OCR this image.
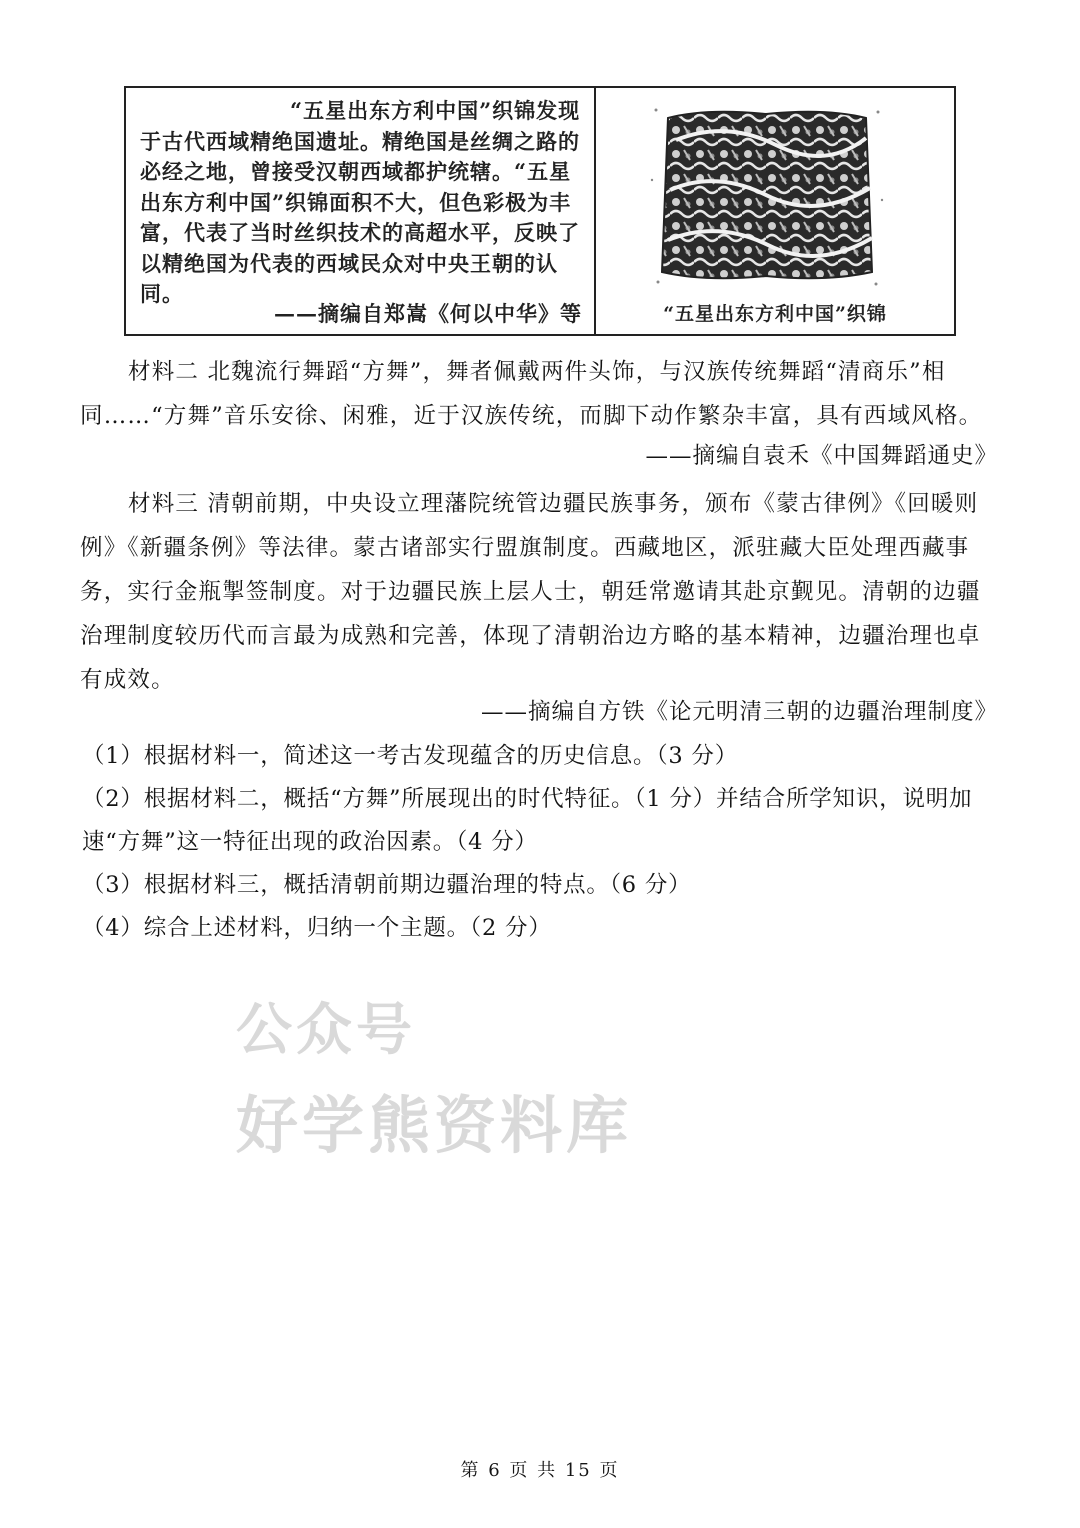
“五星出东方利中国”织锦发现于古代西域精绝国遗址。精绝国是丝绸之路的必经之地，曾接受汉朝西域都护统辖。“五星出东方利中国”织锦面积不大，但色彩极为丰富，代表了当时丝织技术的高超水平，反映了以精绝国为代表的西域民众对中央王朝的认同。
——摘编自郑嵩《何以中华》等	“五星出东方利中国”织锦
材料二 北魏流行舞蹈“方舞”，舞者佩戴两件头饰，与汉族传统舞蹈“清商乐”相同……“方舞”音乐安徐、闲雅，近于汉族传统，而脚下动作繁杂丰富，具有西域风格。
——摘编自袁禾《中国舞蹈通史》
材料三 清朝前期，中央设立理藩院统管边疆民族事务，颁布《蒙古律例》《回暖则例》《新疆条例》等法律。蒙古诸部实行盟旗制度。西藏地区，派驻藏大臣处理西藏事务，实行金瓶掣签制度。对于边疆民族上层人士，朝廷常邀请其赴京觐见。清朝的边疆治理制度较历代而言最为成熟和完善，体现了清朝治边方略的基本精神，边疆治理也卓有成效。
——摘编自方铁《论元明清三朝的边疆治理制度》
（1）根据材料一，简述这一考古发现蕴含的历史信息。（3 分）
（2）根据材料二，概括“方舞”所展现出的时代特征。（1 分）并结合所学知识，说明加速“方舞”这一特征出现的政治因素。（4 分）
（3）根据材料三，概括清朝前期边疆治理的特点。（6 分）
（4）综合上述材料，归纳一个主题。（2 分）
公众号
好学熊资料库
第 6 页 共 15 页
